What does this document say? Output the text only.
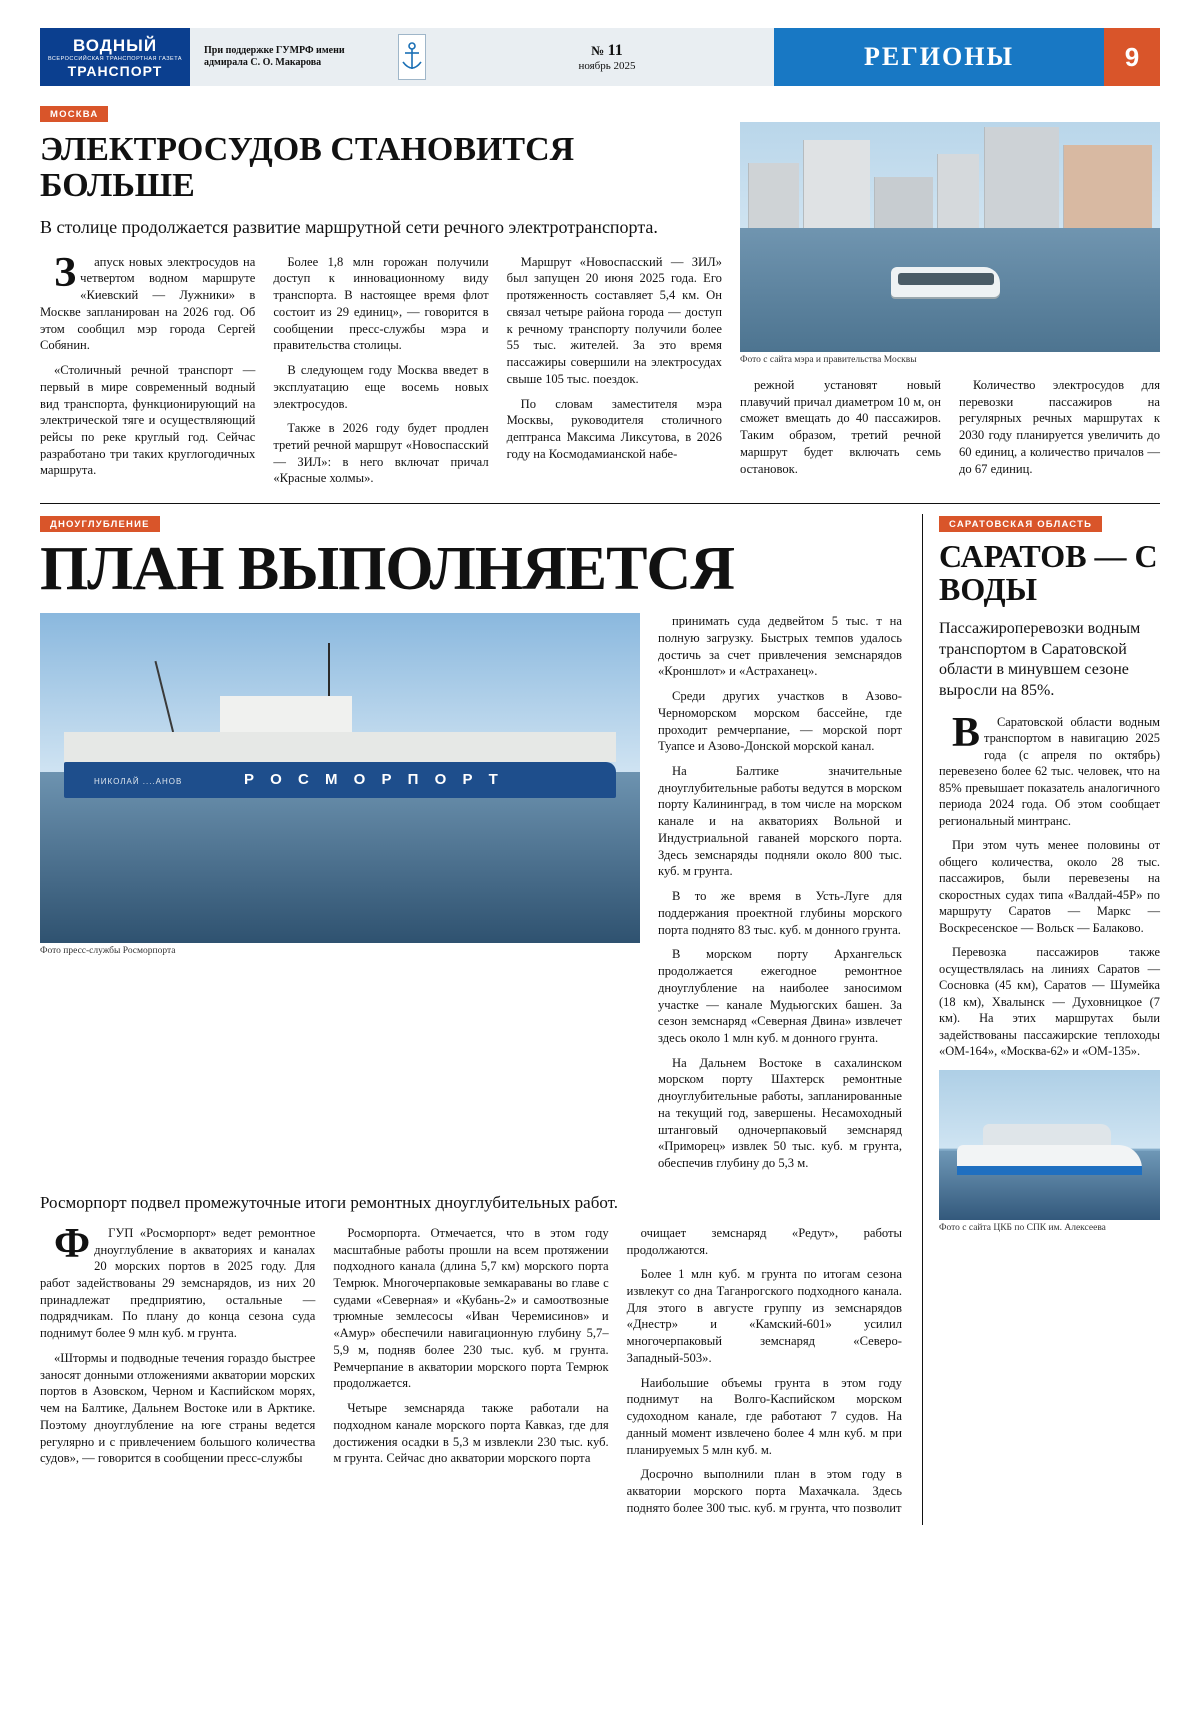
ВОДНЫЙ
ВСЕРОССИЙСКАЯ ТРАНСПОРТНАЯ ГАЗЕТА
ТРАНСПОРТ
При поддержке ГУМРФ имени адмирала С. О. Макарова
№ 11
ноябрь 2025	РЕГИОНЫ	9
МОСКВА
ЭЛЕКТРОСУДОВ СТАНОВИТСЯ БОЛЬШЕ

В столице продолжается развитие маршрутной сети речного электротранспорта.

Запуск новых электросудов на четвертом водном маршруте «Киевский — Лужники» в Москве запланирован на 2026 год. Об этом сообщил мэр города Сергей Собянин.

«Столичный речной транспорт — первый в мире современный водный вид транспорта, функционирующий на электрической тяге и осуществляющий рейсы по реке круглый год. Сейчас разработано три таких круглогодичных маршрута.

Более 1,8 млн горожан получили доступ к инновационному виду транспорта. В настоящее время флот состоит из 29 единиц», — говорится в сообщении пресс-службы мэра и правительства столицы.

В следующем году Москва введет в эксплуатацию еще восемь новых электросудов.

Также в 2026 году будет продлен третий речной маршрут «Новоспасский — ЗИЛ»: в него включат причал «Красные холмы».

Маршрут «Новоспасский — ЗИЛ» был запущен 20 июня 2025 года. Его протяженность составляет 5,4 км. Он связал четыре района города — доступ к речному транспорту получили более 55 тыс. жителей. За это время пассажиры совершили на электросудах свыше 105 тыс. поездок.

По словам заместителя мэра Москвы, руководителя столичного дептранса Максима Ликсутова, в 2026 году на Космодамианской набе-

Фото с сайта мэра и правительства Москвы

режной установят новый плавучий причал диаметром 10 м, он сможет вмещать до 40 пассажиров. Таким образом, третий речной маршрут будет включать семь остановок.

Количество электросудов для перевозки пассажиров на регулярных речных маршрутах к 2030 году планируется увеличить до 60 единиц, а количество причалов — до 67 единиц.

ДНОУГЛУБЛЕНИЕ
ПЛАН ВЫПОЛНЯЕТСЯ
НИКОЛАЙ ....АНОВ	Р О С М О Р П О Р Т
Фото пресс-службы Росморпорта

принимать суда дедвейтом 5 тыс. т на полную загрузку. Быстрых темпов удалось достичь за счет привлечения земснарядов «Кроншлот» и «Астраханец».

Среди других участков в Азово-Черноморском морском бассейне, где проходит ремчерпание, — морской порт Туапсе и Азово-Донской морской канал.

На Балтике значительные дноуглубительные работы ведутся в морском порту Калининград, в том числе на морском канале и на акваториях Вольной и Индустриальной гаваней морского порта. Здесь земснаряды подняли около 800 тыс. куб. м грунта.

В то же время в Усть-Луге для поддержания проектной глубины морского порта поднято 83 тыс. куб. м донного грунта.

В морском порту Архангельск продолжается ежегодное ремонтное дноуглубление на наиболее заносимом участке — канале Мудьюгских башен. За сезон земснаряд «Северная Двина» извлечет здесь около 1 млн куб. м донного грунта.

На Дальнем Востоке в сахалинском морском порту Шахтерск ремонтные дноуглубительные работы, запланированные на текущий год, завершены. Несамоходный штанговый одночерпаковый земснаряд «Приморец» извлек 50 тыс. куб. м грунта, обеспечив глубину до 5,3 м.

Росморпорт подвел промежуточные итоги ремонтных дноуглубительных работ.

ФГУП «Росморпорт» ведет ремонтное дноуглубление в акваториях и каналах 20 морских портов в 2025 году. Для работ задействованы 29 земснарядов, из них 20 принадлежат предприятию, остальные — подрядчикам. По плану до конца сезона суда поднимут более 9 млн куб. м грунта.

«Штормы и подводные течения гораздо быстрее заносят донными отложениями акватории морских портов в Азовском, Черном и Каспийском морях, чем на Балтике, Дальнем Востоке или в Арктике. Поэтому дноуглубление на юге страны ведется регулярно и с привлечением большого количества судов», — говорится в сообщении пресс-службы

Росморпорта. Отмечается, что в этом году масштабные работы прошли на всем протяжении подходного канала (длина 5,7 км) морского порта Темрюк. Многочерпаковые земкараваны во главе с судами «Северная» и «Кубань-2» и самоотвозные трюмные землесосы «Иван Черемисинов» и «Амур» обеспечили навигационную глубину 5,7–5,9 м, подняв более 230 тыс. куб. м грунта. Ремчерпание в акватории морского порта Темрюк продолжается.

Четыре земснаряда также работали на подходном канале морского порта Кавказ, где для достижения осадки в 5,3 м извлекли 230 тыс. куб. м грунта. Сейчас дно акватории морского порта

очищает земснаряд «Редут», работы продолжаются.

Более 1 млн куб. м грунта по итогам сезона извлекут со дна Таганрогского подходного канала. Для этого в августе группу из земснарядов «Днестр» и «Камский-601» усилил многочерпаковый земснаряд «Северо-Западный-503».

Наибольшие объемы грунта в этом году поднимут на Волго-Каспийском морском судоходном канале, где работают 7 судов. На данный момент извлечено более 4 млн куб. м при планируемых 5 млн куб. м.

Досрочно выполнили план в этом году в акватории морского порта Махачкала. Здесь поднято более 300 тыс. куб. м грунта, что позволит

САРАТОВСКАЯ ОБЛАСТЬ
САРАТОВ — С ВОДЫ

Пассажироперевозки водным транспортом в Саратовской области в минувшем сезоне выросли на 85%.

ВСаратовской области водным транспортом в навигацию 2025 года (с апреля по октябрь) перевезено более 62 тыс. человек, что на 85% превышает показатель аналогичного периода 2024 года. Об этом сообщает региональный минтранс.

При этом чуть менее половины от общего количества, около 28 тыс. пассажиров, были перевезены на скоростных судах типа «Валдай-45Р» по маршруту Саратов — Маркс — Воскресенское — Вольск — Балаково.

Перевозка пассажиров также осуществлялась на линиях Саратов — Сосновка (45 км), Саратов — Шумейка (18 км), Хвалынск — Духовницкое (7 км). На этих маршрутах были задействованы пассажирские теплоходы «ОМ-164», «Москва-62» и «ОМ-135».

Фото с сайта ЦКБ по СПК им. Алексеева
